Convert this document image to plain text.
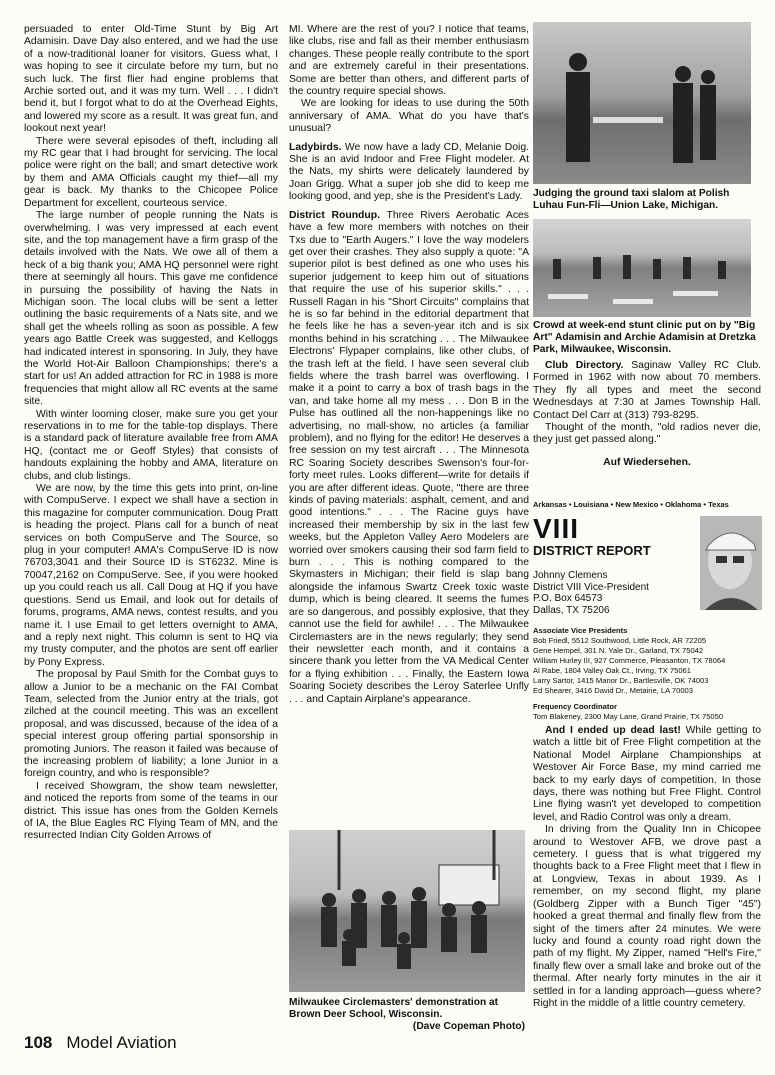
persuaded to enter Old-Time Stunt by Big Art Adamisin. Dave Day also entered, and we had the use of a now-traditional loaner for visitors. Guess what, I was hoping to see it circulate before my turn, but no such luck. The first flier had engine problems that Archie sorted out, and it was my turn. Well . . . I didn't bend it, but I forgot what to do at the Overhead Eights, and lowered my score as a result. It was great fun, and lookout next year!

There were several episodes of theft, including all my RC gear that I had brought for servicing. The local police were right on the ball; and smart detective work by them and AMA Officials caught my thief—all my gear is back. My thanks to the Chicopee Police Department for excellent, courteous service.

The large number of people running the Nats is overwhelming. I was very impressed at each event site, and the top management have a firm grasp of the details involved with the Nats. We owe all of them a heck of a big thank you; AMA HQ personnel were right there at seemingly all hours. This gave me confidence in pursuing the possibility of having the Nats in Michigan soon. The local clubs will be sent a letter outlining the basic requirements of a Nats site, and we shall get the wheels rolling as soon as possible. A few years ago Battle Creek was suggested, and Kelloggs had indicated interest in sponsoring. In July, they have the World Hot-Air Balloon Championships; there's a start for us! An added attraction for RC in 1988 is more frequencies that might allow all RC events at the same site.

With winter looming closer, make sure you get your reservations in to me for the table-top displays. There is a standard pack of literature available free from AMA HQ, (contact me or Geoff Styles) that consists of handouts explaining the hobby and AMA, literature on clubs, and club listings.

We are now, by the time this gets into print, on-line with CompuServe. I expect we shall have a section in this magazine for computer communication. Doug Pratt is heading the project. Plans call for a bunch of neat services on both CompuServe and The Source, so plug in your computer! AMA's CompuServe ID is now 76703,3041 and their Source ID is ST6232. Mine is 70047,2162 on CompuServe. See, if you were hooked up you could reach us all. Call Doug at HQ if you have questions. Send us Email, and look out for details of forums, programs, AMA news, contest results, and you name it. I use Email to get letters overnight to AMA, and a reply next night. This column is sent to HQ via my trusty computer, and the photos are sent off earlier by Pony Express.

The proposal by Paul Smith for the Combat guys to allow a Junior to be a mechanic on the FAI Combat Team, selected from the Junior entry at the trials, got zilched at the council meeting. This was an excellent proposal, and was discussed, because of the idea of a special interest group offering partial sponsorship in promoting Juniors. The reason it failed was because of the increasing problem of liability; a lone Junior in a foreign country, and who is responsible?

I received Showgram, the show team newsletter, and noticed the reports from some of the teams in our district. This issue has ones from the Golden Kernels of IA, the Blue Eagles RC Flying Team of MN, and the resurrected Indian City Golden Arrows of

MI. Where are the rest of you? I notice that teams, like clubs, rise and fall as their member enthusiasm changes. These people really contribute to the sport and are extremely careful in their presentations. Some are better than others, and different parts of the country require special shows.

We are looking for ideas to use during the 50th anniversary of AMA. What do you have that's unusual?

Ladybirds. We now have a lady CD, Melanie Doig. She is an avid Indoor and Free Flight modeler. At the Nats, my shirts were delicately laundered by Joan Grigg. What a super job she did to keep me looking good, and yep, she is the President's Lady.

District Roundup. Three Rivers Aerobatic Aces have a few more members with notches on their Txs due to "Earth Augers." I love the way modelers get over their crashes. They also supply a quote: "A superior pilot is best defined as one who uses his superior judgement to keep him out of situations that require the use of his superior skills." . . . Russell Ragan in his "Short Circuits" complains that he is so far behind in the editorial department that he feels like he has a seven-year itch and is six months behind in his scratching . . . The Milwaukee Electrons' Flypaper complains, like other clubs, of the trash left at the field. I have seen several club fields where the trash barrel was overflowing. I make it a point to carry a box of trash bags in the van, and take home all my mess . . . Don B in the Pulse has outlined all the non-happenings like no advertising, no mall-show, no articles (a familiar problem), and no flying for the editor! He deserves a free session on my test aircraft . . . The Minnesota RC Soaring Society describes Swenson's four-for-forty meet rules. Looks different—write for details if you are after different ideas. Quote, "there are three kinds of paving materials: asphalt, cement, and and good intentions." . . . The Racine guys have increased their membership by six in the last few weeks, but the Appleton Valley Aero Modelers are worried over smokers causing their sod farm field to burn . . . This is nothing compared to the Skymasters in Michigan; their field is slap bang alongside the infamous Swartz Creek toxic waste dump, which is being cleared. It seems the fumes are so dangerous, and possibly explosive, that they cannot use the field for awhile! . . . The Milwaukee Circlemasters are in the news regularly; they send their newsletter each month, and it contains a sincere thank you letter from the VA Medical Center for a flying exhibition . . . Finally, the Eastern Iowa Soaring Society describes the Leroy Saterlee Unfly . . . and Captain Airplane's appearance.

Milwaukee Circlemasters' demonstration at Brown Deer School, Wisconsin.
(Dave Copeman Photo)
Judging the ground taxi slalom at Polish Luhau Fun-Fli—Union Lake, Michigan.
Crowd at week-end stunt clinic put on by "Big Art" Adamisin and Archie Adamisin at Dretzka Park, Milwaukee, Wisconsin.

Club Directory. Saginaw Valley RC Club. Formed in 1962 with now about 70 members. They fly all types and meet the second Wednesdays at 7:30 at James Township Hall. Contact Del Carr at (313) 793-8295.

Thought of the month, "old radios never die, they just get passed along."

Auf Wiedersehen.

Arkansas • Louisiana • New Mexico • Oklahoma • Texas
VIII
DISTRICT REPORT
Johnny Clemens
District VIII Vice-President
P.O. Box 64573
Dallas, TX 75206
Associate Vice Presidents
Bob Friedl, 5512 Southwood, Little Rock, AR 72205
Gene Hempel, 301 N. Yale Dr., Garland, TX 75042
William Hurley III, 927 Commerce, Pleasanton, TX 78064
Al Rabe, 1804 Valley Oak Ct., Irving, TX 75061
Larry Sartor, 1415 Manor Dr., Bartlesville, OK 74003
Ed Shearer, 3416 David Dr., Metairie, LA 70003
Frequency Coordinator
Tom Blakeney, 2300 May Lane, Grand Prairie, TX 75050

And I ended up dead last! While getting to watch a little bit of Free Flight competition at the National Model Airplane Championships at Westover Air Force Base, my mind carried me back to my early days of competition. In those days, there was nothing but Free Flight. Control Line flying wasn't yet developed to competition level, and Radio Control was only a dream.

In driving from the Quality Inn in Chicopee around to Westover AFB, we drove past a cemetery. I guess that is what triggered my thoughts back to a Free Flight meet that I flew in at Longview, Texas in about 1939. As I remember, on my second flight, my plane (Goldberg Zipper with a Bunch Tiger "45") hooked a great thermal and finally flew from the sight of the timers after 24 minutes. We were lucky and found a county road right down the path of my flight. My Zipper, named "Hell's Fire," finally flew over a small lake and broke out of the thermal. After nearly forty minutes in the air it settled in for a landing approach—guess where? Right in the middle of a little country cemetery.

108 Model Aviation
